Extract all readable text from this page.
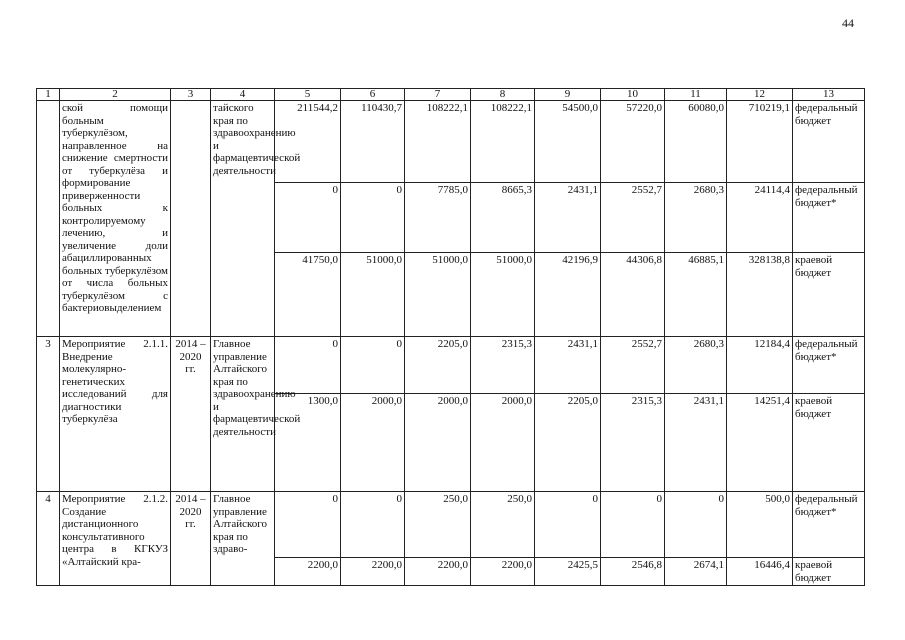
44
1	2	3	4	5	6	7	8	9	10	11	12	13
	ской помощи больным туберкулёзом, направленное на снижение смертности от туберкулёза и формирование приверженности больных к контролируемому лечению, и увеличение доли абациллированных больных туберкулёзом от числа больных туберкулёзом с бактериовыделением		тайского края по здравоохранению и фармацевтической деятельности	211544,2	110430,7	108222,1	108222,1	54500,0	57220,0	60080,0	710219,1	федеральный бюджет
				0	0	7785,0	8665,3	2431,1	2552,7	2680,3	24114,4	федеральный бюджет*
				41750,0	51000,0	51000,0	51000,0	42196,9	44306,8	46885,1	328138,8	краевой бюджет
3	Мероприятие 2.1.1. Внедрение молекулярно-генетических исследований для диагностики туберкулёза	2014 – 2020 гг.	Главное управление Алтайского края по здравоохранению и фармацевтической деятельности	0	0	2205,0	2315,3	2431,1	2552,7	2680,3	12184,4	федеральный бюджет*
				1300,0	2000,0	2000,0	2000,0	2205,0	2315,3	2431,1	14251,4	краевой бюджет
4	Мероприятие 2.1.2. Создание дистанционного консультативного центра в КГКУЗ «Алтайский кра-	2014 – 2020 гг.	Главное управление Алтайского края по здраво-	0	0	250,0	250,0	0	0	0	500,0	федеральный бюджет*
				2200,0	2200,0	2200,0	2200,0	2425,5	2546,8	2674,1	16446,4	краевой бюджет
